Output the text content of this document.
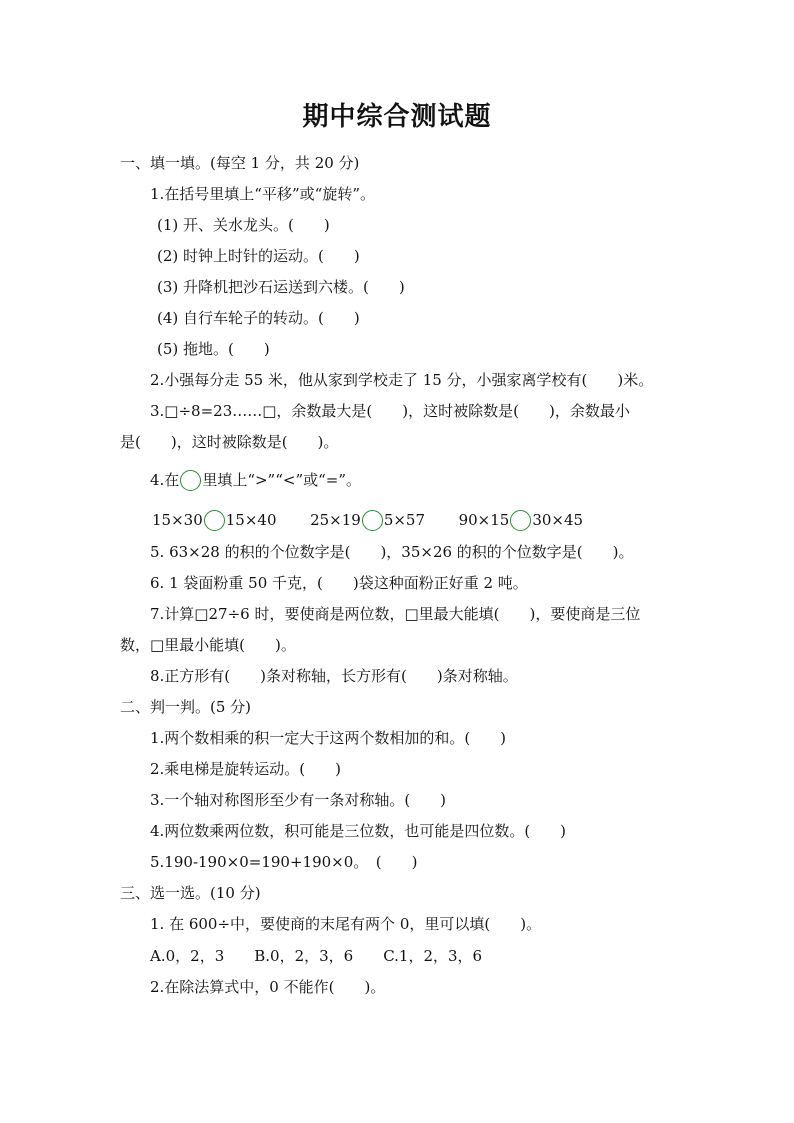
期中综合测试题
一、填一填。(每空 1 分，共 20 分)
1.在括号里填上“平移”或“旋转”。
(1) 开、关水龙头。(　　)
(2) 时钟上时针的运动。(　　)
(3) 升降机把沙石运送到六楼。(　　)
(4) 自行车轮子的转动。(　　)
(5) 拖地。(　　)
2.小强每分走 55 米，他从家到学校走了 15 分，小强家离学校有(　　)米。
3.□÷8=23……□，余数最大是(　　)，这时被除数是(　　)，余数最小
是(　　)，这时被除数是(　　)。
4.在 里填上“>”“<”或“=”。
15×30 15×40 25×19 5×57 90×15 30×45
5. 63×28 的积的个位数字是(　　)，35×26 的积的个位数字是(　　)。
6. 1 袋面粉重 50 千克，(　　)袋这种面粉正好重 2 吨。
7.计算□27÷6 时，要使商是两位数，□里最大能填(　　)，要使商是三位
数，□里最小能填(　　)。
8.正方形有(　　)条对称轴，长方形有(　　)条对称轴。
二、判一判。(5 分)
1.两个数相乘的积一定大于这两个数相加的和。(　　)
2.乘电梯是旋转运动。(　　)
3.一个轴对称图形至少有一条对称轴。(　　)
4.两位数乘两位数，积可能是三位数，也可能是四位数。(　　)
5.190-190×0=190+190×0。　(　　)
三、选一选。(10 分)
1. 在 600÷中，要使商的末尾有两个 0，里可以填(　　)。
A.0，2，3　　B.0，2，3，6　　C.1，2，3，6
2.在除法算式中，0 不能作(　　)。
